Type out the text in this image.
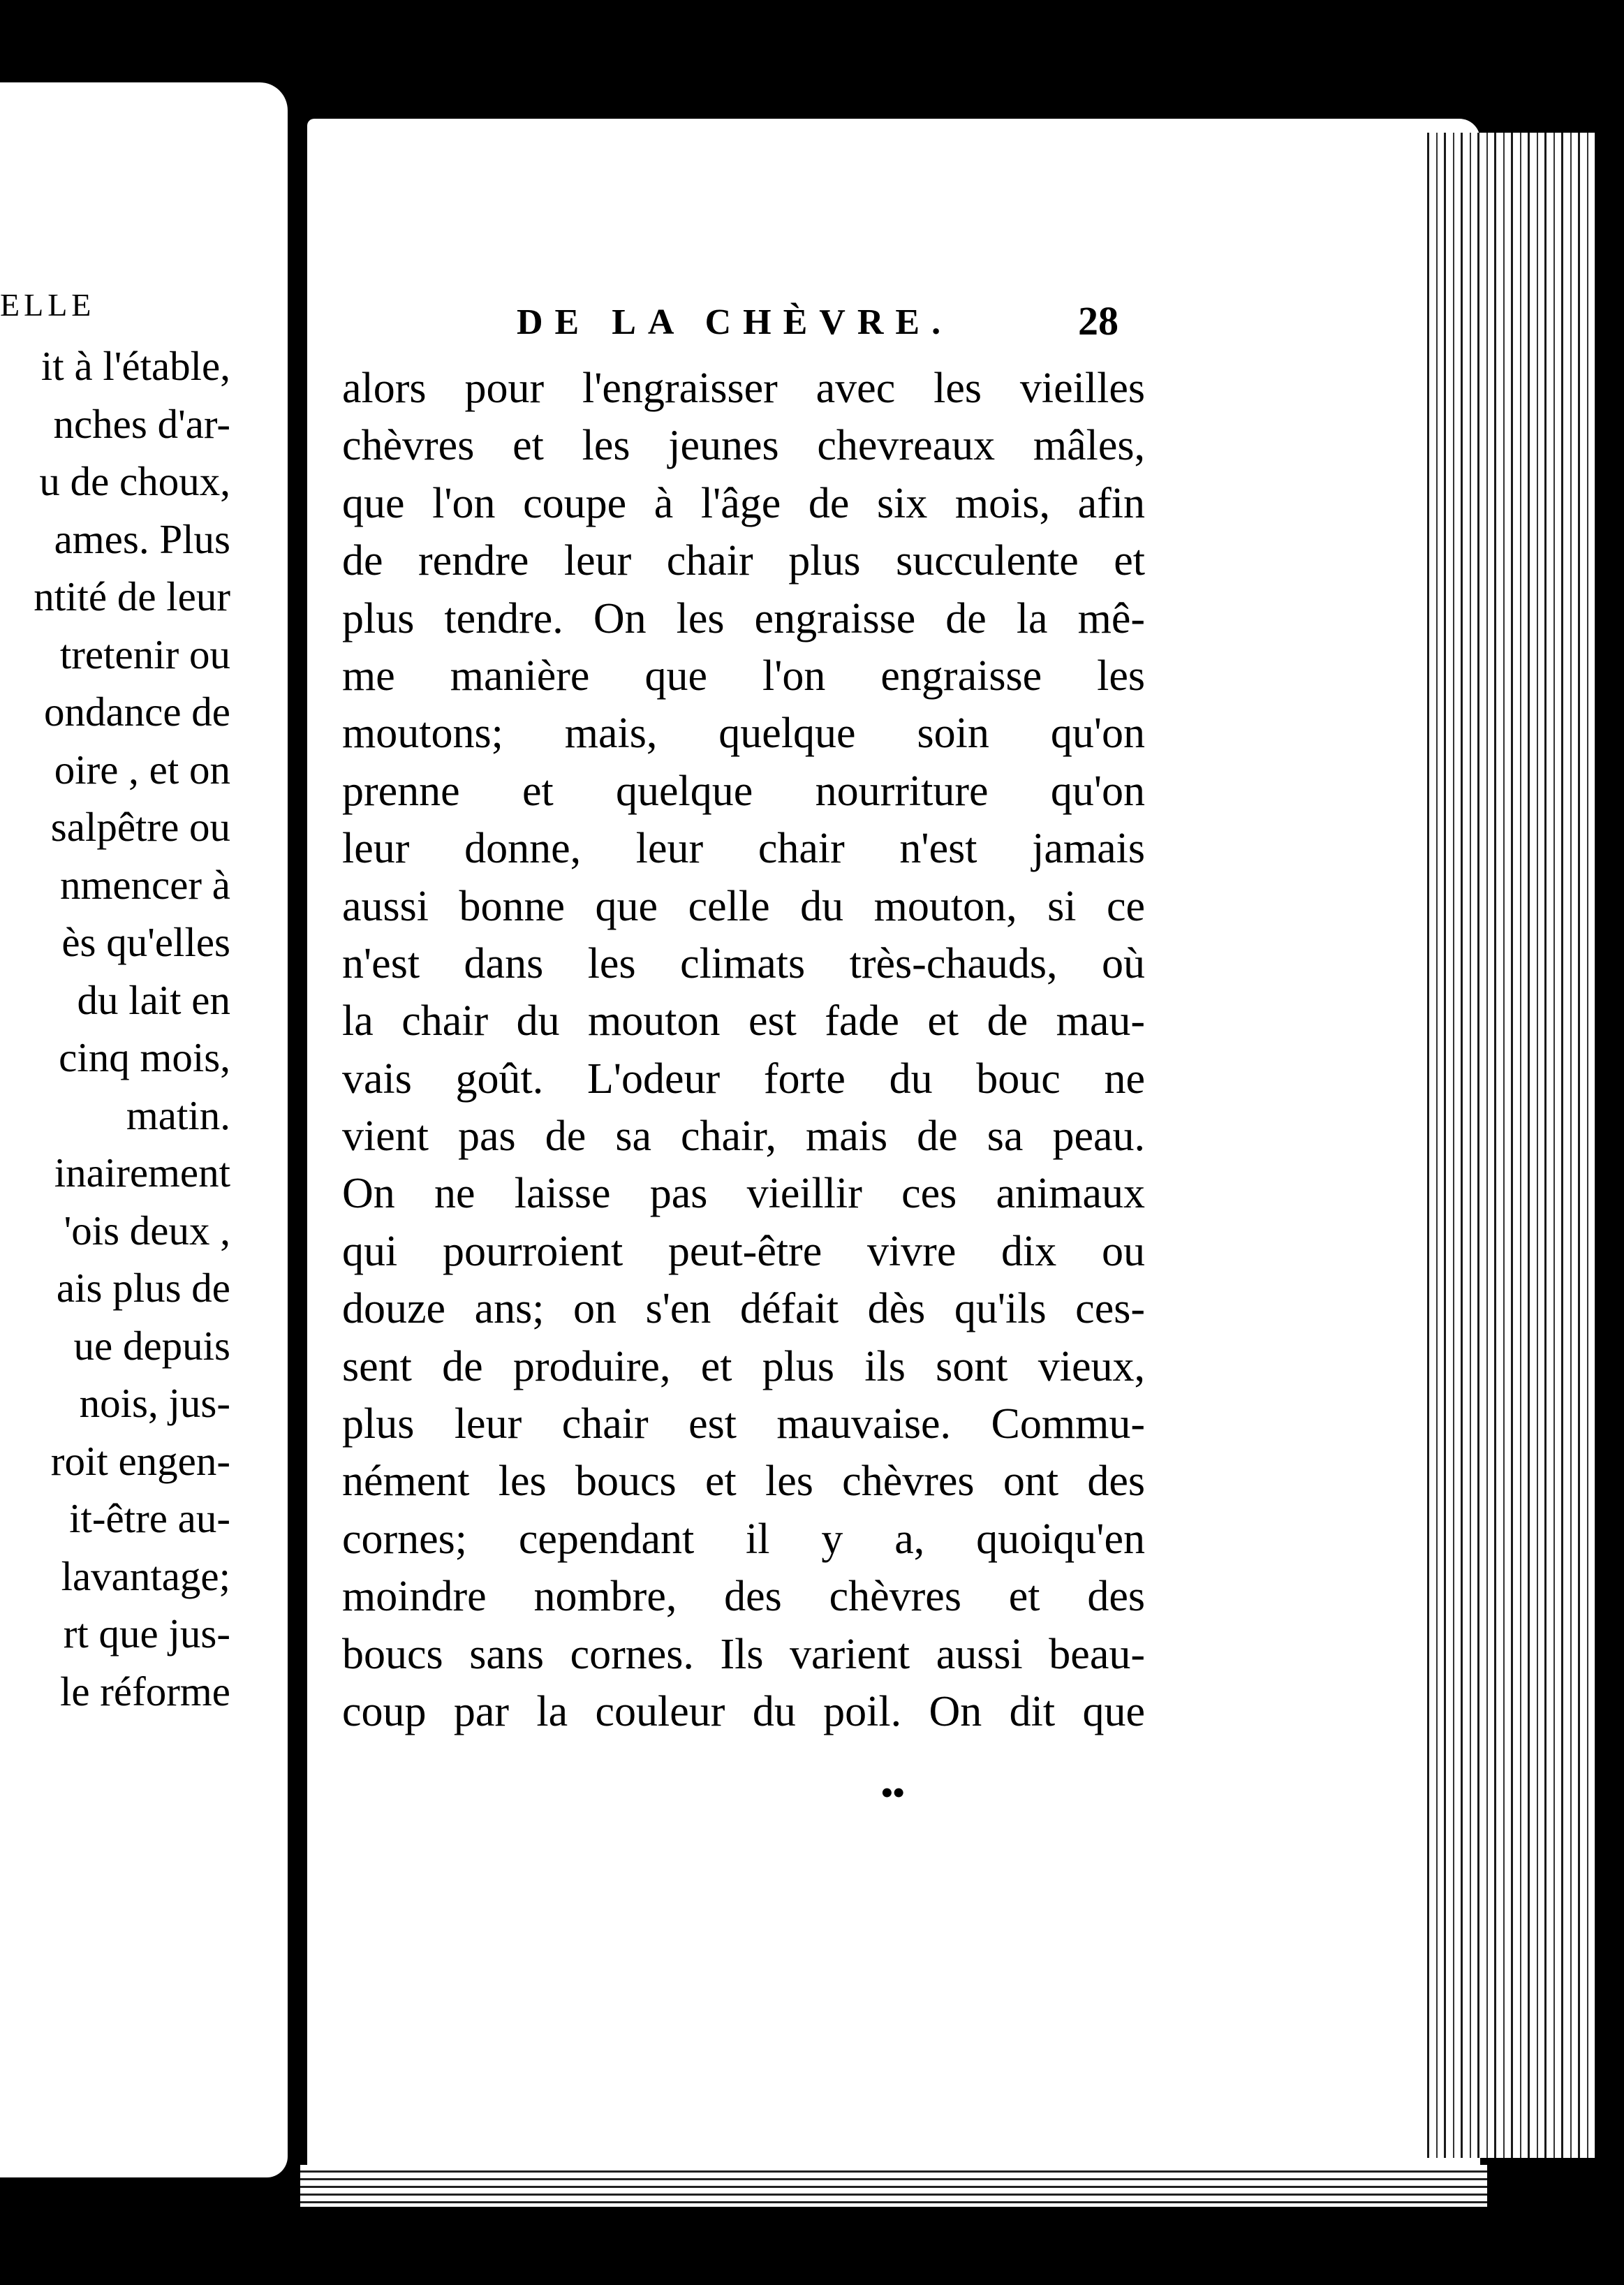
ELLE
it à l'étable,
nches d'ar-
u de choux,
ames. Plus
ntité de leur
tretenir ou
ondance de
oire , et on
salpêtre ou
nmencer à
ès qu'elles
du lait en
cinq mois,
matin.
inairement
'ois deux ,
ais plus de
ue depuis
nois, jus-
roit engen-
it-être au-
lavantage;
rt que jus-
le réforme
DE LA CHÈVRE.	28
alors pour l'engraisser avec les vieilles
chèvres et les jeunes chevreaux mâles,
que l'on coupe à l'âge de six mois, afin
de rendre leur chair plus succulente et
plus tendre. On les engraisse de la mê-
me manière que l'on engraisse les
moutons; mais, quelque soin qu'on
prenne et quelque nourriture qu'on
leur donne, leur chair n'est jamais
aussi bonne que celle du mouton, si ce
n'est dans les climats très-chauds, où
la chair du mouton est fade et de mau-
vais goût. L'odeur forte du bouc ne
vient pas de sa chair, mais de sa peau.
On ne laisse pas vieillir ces animaux
qui pourroient peut-être vivre dix ou
douze ans; on s'en défait dès qu'ils ces-
sent de produire, et plus ils sont vieux,
plus leur chair est mauvaise. Commu-
nément les boucs et les chèvres ont des
cornes; cependant il y a, quoiqu'en
moindre nombre, des chèvres et des
boucs sans cornes. Ils varient aussi beau-
coup par la couleur du poil. On dit que
••
